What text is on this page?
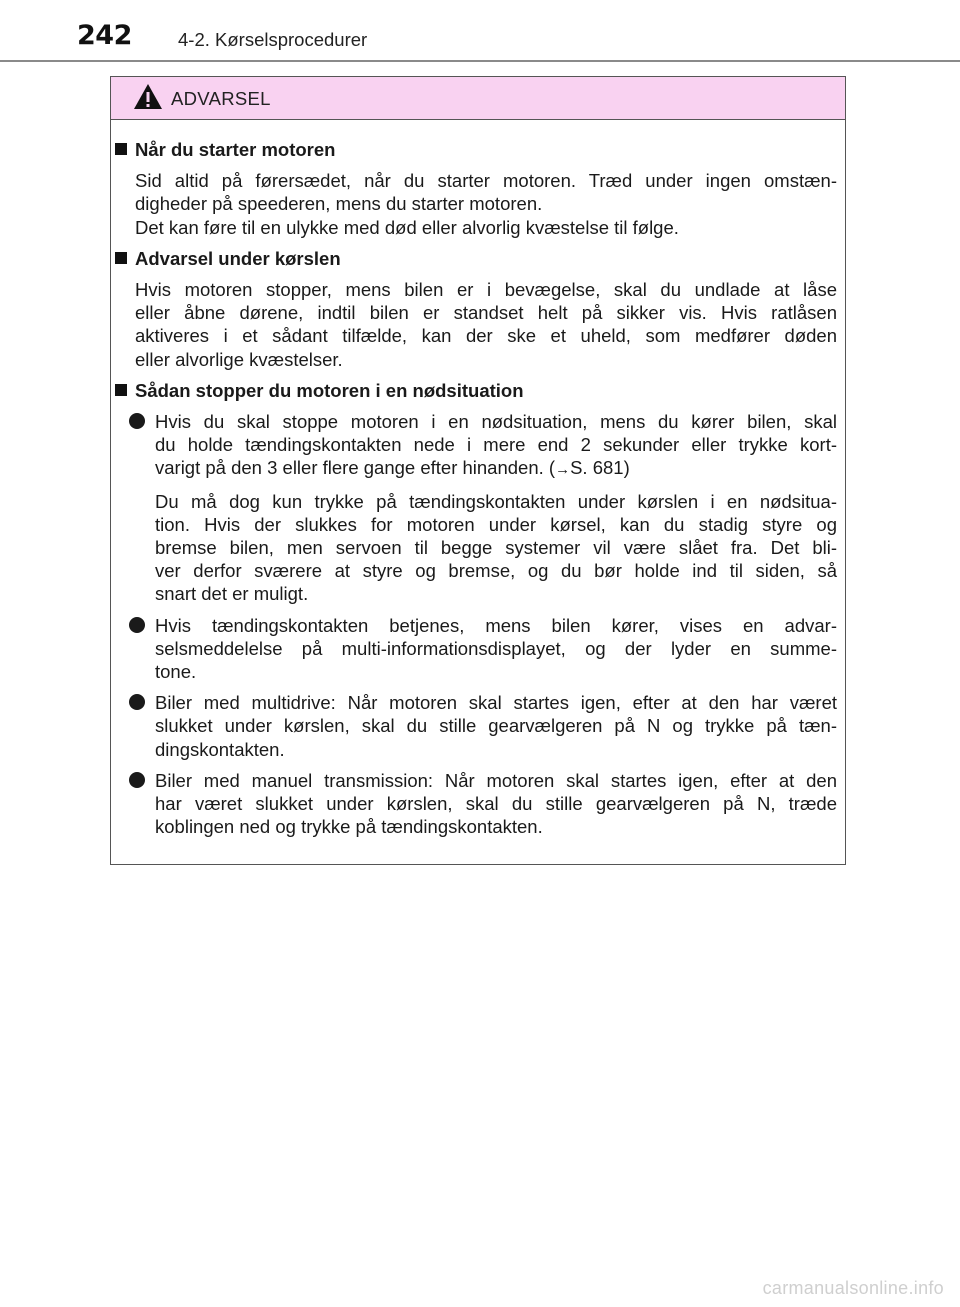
242 4-2. Kørselsprocedurer
ADVARSEL
Når du starter motoren
Sid altid på førersædet, når du starter motoren. Træd under ingen omstæn-
digheder på speederen, mens du starter motoren.
Det kan føre til en ulykke med død eller alvorlig kvæstelse til følge.
Advarsel under kørslen
Hvis motoren stopper, mens bilen er i bevægelse, skal du undlade at låse
eller åbne dørene, indtil bilen er standset helt på sikker vis. Hvis ratlåsen
aktiveres i et sådant tilfælde, kan der ske et uheld, som medfører døden
eller alvorlige kvæstelser.
Sådan stopper du motoren i en nødsituation
Hvis du skal stoppe motoren i en nødsituation, mens du kører bilen, skal
du holde tændingskontakten nede i mere end 2 sekunder eller trykke kort-
varigt på den 3 eller flere gange efter hinanden. (→S. 681)
Du må dog kun trykke på tændingskontakten under kørslen i en nødsitua-
tion. Hvis der slukkes for motoren under kørsel, kan du stadig styre og
bremse bilen, men servoen til begge systemer vil være slået fra. Det bli-
ver derfor sværere at styre og bremse, og du bør holde ind til siden, så
snart det er muligt.
Hvis tændingskontakten betjenes, mens bilen kører, vises en advar-
selsmeddelelse på multi-informationsdisplayet, og der lyder en summe-
tone.
Biler med multidrive: Når motoren skal startes igen, efter at den har været
slukket under kørslen, skal du stille gearvælgeren på N og trykke på tæn-
dingskontakten.
Biler med manuel transmission: Når motoren skal startes igen, efter at den
har været slukket under kørslen, skal du stille gearvælgeren på N, træde
koblingen ned og trykke på tændingskontakten.
carmanualsonline.info
